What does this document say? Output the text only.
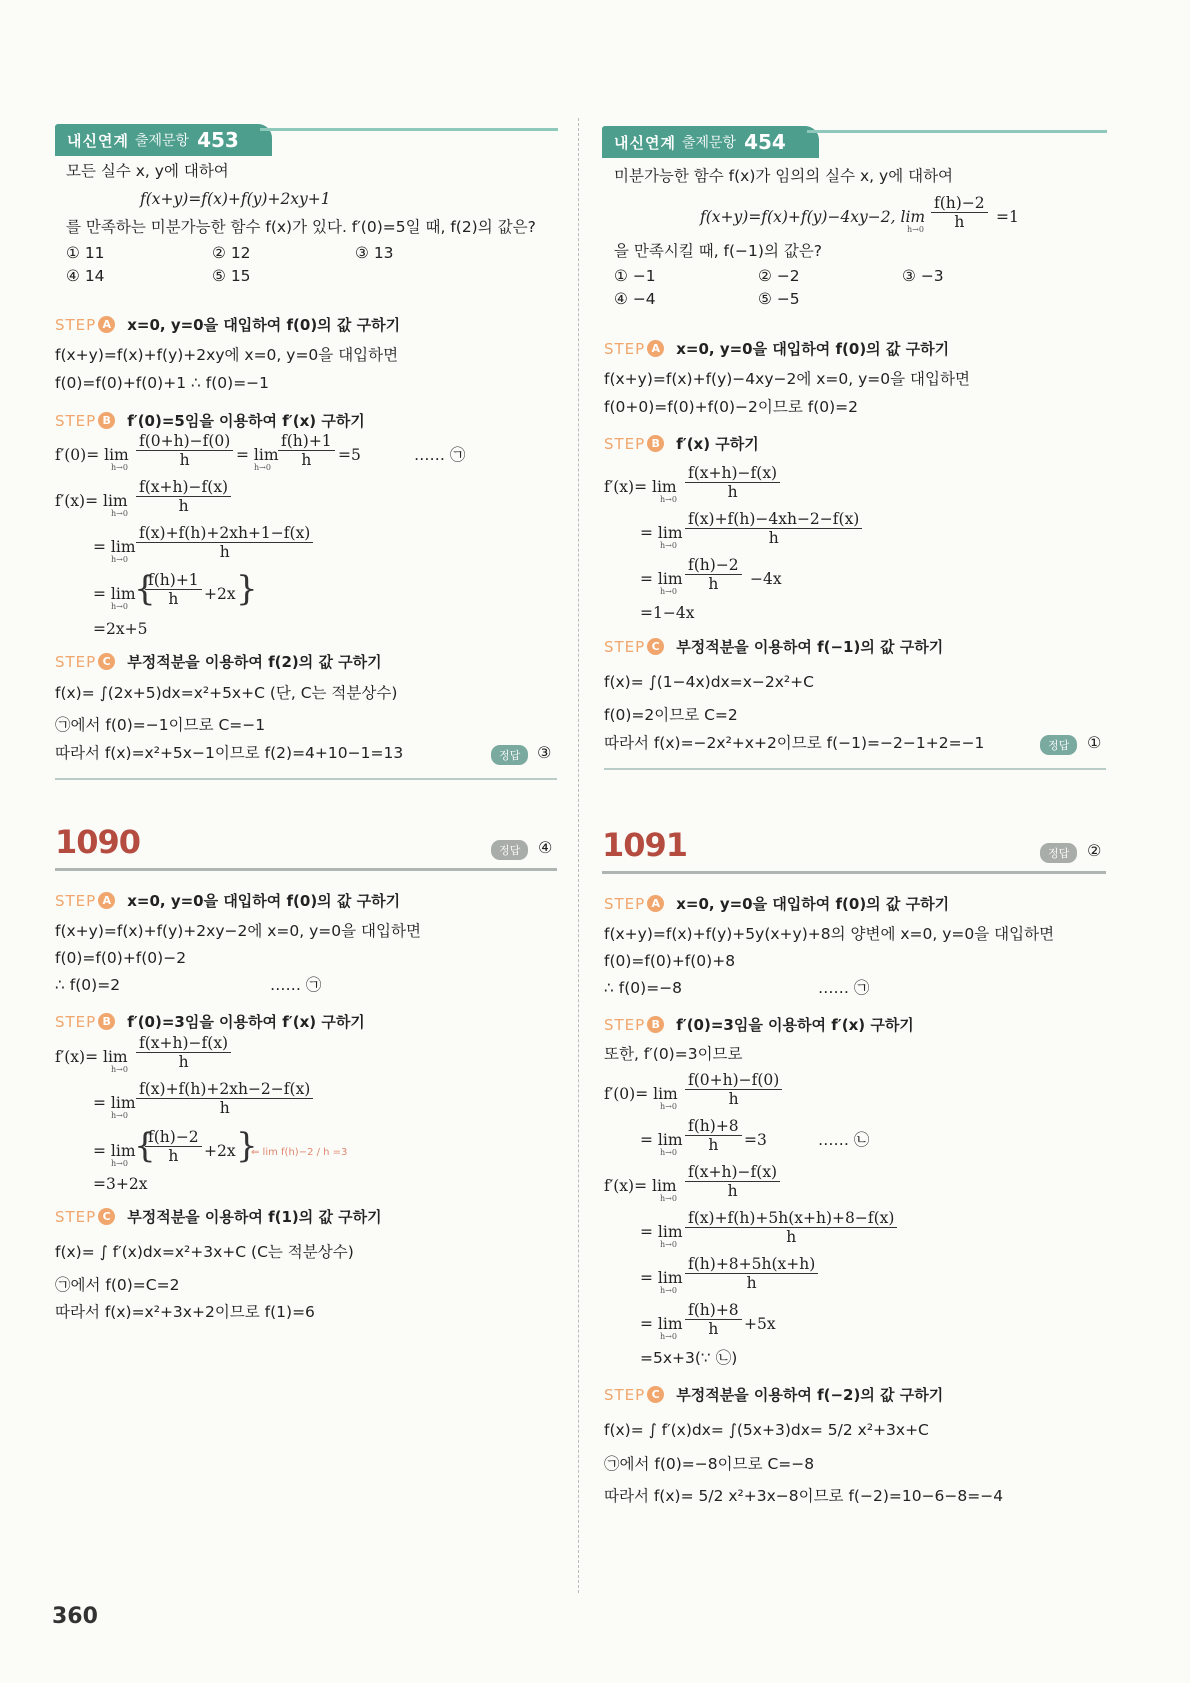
내신연계 출제문항 453
모든 실수 x, y에 대하여
f(x+y)=f(x)+f(y)+2xy+1
를 만족하는 미분가능한 함수 f(x)가 있다. f′(0)=5일 때, f(2)의 값은?
① 11	② 12	③ 13
④ 14	⑤ 15
STEP A x=0, y=0을 대입하여 f(0)의 값 구하기
f(x+y)=f(x)+f(y)+2xy에 x=0, y=0을 대입하면
f(0)=f(0)+f(0)+1 ∴ f(0)=−1
STEP B f′(0)=5임을 이용하여 f′(x) 구하기
f′(0)= lim
$h\to 0 \frac{f(0+h)-f(0)}{h} = \lim$
$h\to 0 \frac{f(h)+1}{h} =5$	…… ㉠
f′(x)= lim
$h\to 0 \frac{f(x+h)-f(x)}{h}$
= lim
$h\to 0 \frac{f(x)+f(h)+2xh+1-f(x)}{h}$
= lim
h→0 {
$\frac{f(h)+1}{h} +2x$ }
=2x+5
STEP C 부정적분을 이용하여 f(2)의 값 구하기
f(x)= ∫(2x+5)dx=x²+5x+C (단, C는 적분상수)
㉠에서 f(0)=−1이므로 C=−1
따라서 f(x)=x²+5x−1이므로 f(2)=4+10−1=13	정답	③
내신연계 출제문항 454
미분가능한 함수 f(x)가 임의의 실수 x, y에 대하여
f(x+y)=f(x)+f(y)−4xy−2, lim
$h\to 0 \frac{f(h)-2}{h} =1$
을 만족시킬 때, f(−1)의 값은?
① −1	② −2	③ −3
④ −4	⑤ −5
STEP A x=0, y=0을 대입하여 f(0)의 값 구하기
f(x+y)=f(x)+f(y)−4xy−2에 x=0, y=0을 대입하면
f(0+0)=f(0)+f(0)−2이므로 f(0)=2
STEP B f′(x) 구하기
f′(x)= lim
$h\to 0 \frac{f(x+h)-f(x)}{h}$
= lim
$h\to 0 \frac{f(x)+f(h)-4xh-2-f(x)}{h}$
= lim
$h\to 0 \frac{f(h)-2}{h} -4x$
=1−4x
STEP C 부정적분을 이용하여 f(−1)의 값 구하기
f(x)= ∫(1−4x)dx=x−2x²+C
f(0)=2이므로 C=2
따라서 f(x)=−2x²+x+2이므로 f(−1)=−2−1+2=−1	정답	①
1090	정답	④
STEP A x=0, y=0을 대입하여 f(0)의 값 구하기
f(x+y)=f(x)+f(y)+2xy−2에 x=0, y=0을 대입하면
f(0)=f(0)+f(0)−2
∴ f(0)=2	…… ㉠
STEP B f′(0)=3임을 이용하여 f′(x) 구하기
f′(x)= lim
$h\to 0 \frac{f(x+h)-f(x)}{h}$
= lim
$h\to 0 \frac{f(x)+f(h)+2xh-2-f(x)}{h}$
= lim
h→0 {
$\frac{f(h)-2}{h} +2x$ }
⇐ lim f(h)−2 / h =3
=3+2x
STEP C 부정적분을 이용하여 f(1)의 값 구하기
f(x)= ∫ f′(x)dx=x²+3x+C (C는 적분상수)
㉠에서 f(0)=C=2
따라서 f(x)=x²+3x+2이므로 f(1)=6
1091	정답	②
STEP A x=0, y=0을 대입하여 f(0)의 값 구하기
f(x+y)=f(x)+f(y)+5y(x+y)+8의 양변에 x=0, y=0을 대입하면
f(0)=f(0)+f(0)+8
∴ f(0)=−8	…… ㉠
STEP B f′(0)=3임을 이용하여 f′(x) 구하기
또한, f′(0)=3이므로
f′(0)= lim
$h\to 0 \frac{f(0+h)-f(0)}{h}$
= lim
$h\to 0 \frac{f(h)+8}{h} =3$	…… ㉡
f′(x)= lim
$h\to 0 \frac{f(x+h)-f(x)}{h}$
= lim
$h\to 0 \frac{f(x)+f(h)+5h(x+h)+8-f(x)}{h}$
= lim
$h\to 0 \frac{f(h)+8+5h(x+h)}{h}$
= lim
$h\to 0 \frac{f(h)+8}{h} +5x$
=5x+3(∵ ㉡)
STEP C 부정적분을 이용하여 f(−2)의 값 구하기
f(x)= ∫ f′(x)dx= ∫(5x+3)dx= 5/2 x²+3x+C
㉠에서 f(0)=−8이므로 C=−8
따라서 f(x)= 5/2 x²+3x−8이므로 f(−2)=10−6−8=−4
360
